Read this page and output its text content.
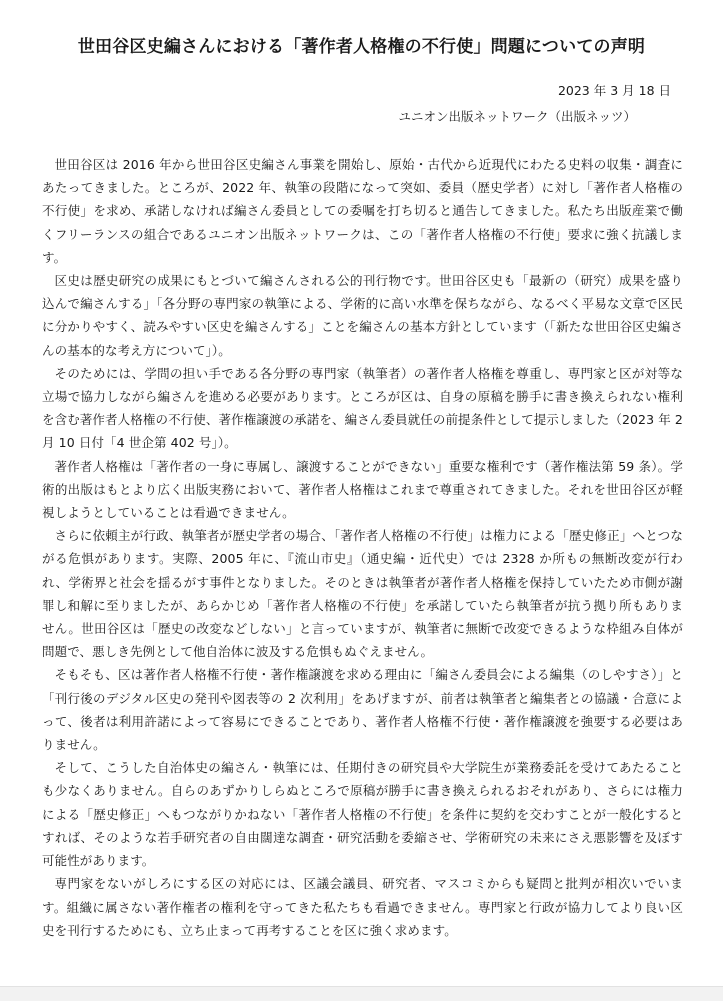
世田谷区史編さんにおける「著作者人格権の不行使」問題についての声明
2023 年 3 月 18 日
ユニオン出版ネットワーク（出版ネッツ）

世田谷区は 2016 年から世田谷区史編さん事業を開始し、原始・古代から近現代にわたる史料の収集・調査にあたってきました。ところが、2022 年、執筆の段階になって突如、委員（歴史学者）に対し「著作者人格権の不行使」を求め、承諾しなければ編さん委員としての委嘱を打ち切ると通告してきました。私たち出版産業で働くフリーランスの組合であるユニオン出版ネットワークは、この「著作者人格権の不行使」要求に強く抗議します。

区史は歴史研究の成果にもとづいて編さんされる公的刊行物です。世田谷区史も「最新の（研究）成果を盛り込んで編さんする」「各分野の専門家の執筆による、学術的に高い水準を保ちながら、なるべく平易な文章で区民に分かりやすく、読みやすい区史を編さんする」ことを編さんの基本方針としています（「新たな世田谷区史編さんの基本的な考え方について」）。

そのためには、学問の担い手である各分野の専門家（執筆者）の著作者人格権を尊重し、専門家と区が対等な立場で協力しながら編さんを進める必要があります。ところが区は、自身の原稿を勝手に書き換えられない権利を含む著作者人格権の不行使、著作権譲渡の承諾を、編さん委員就任の前提条件として提示しました（2023 年 2 月 10 日付「4 世企第 402 号」）。

著作者人格権は「著作者の一身に専属し、譲渡することができない」重要な権利です（著作権法第 59 条）。学術的出版はもとより広く出版実務において、著作者人格権はこれまで尊重されてきました。それを世田谷区が軽視しようとしていることは看過できません。

さらに依頼主が行政、執筆者が歴史学者の場合、「著作者人格権の不行使」は権力による「歴史修正」へとつながる危惧があります。実際、2005 年に、『流山市史』（通史編・近代史）では 2328 か所もの無断改変が行われ、学術界と社会を揺るがす事件となりました。そのときは執筆者が著作者人格権を保持していたため市側が謝罪し和解に至りましたが、あらかじめ「著作者人格権の不行使」を承諾していたら執筆者が抗う拠り所もありません。世田谷区は「歴史の改変などしない」と言っていますが、執筆者に無断で改変できるような枠組み自体が問題で、悪しき先例として他自治体に波及する危惧もぬぐえません。

そもそも、区は著作者人格権不行使・著作権譲渡を求める理由に「編さん委員会による編集（のしやすさ）」と「刊行後のデジタル区史の発刊や図表等の 2 次利用」をあげますが、前者は執筆者と編集者との協議・合意によって、後者は利用許諾によって容易にできることであり、著作者人格権不行使・著作権譲渡を強要する必要はありません。

そして、こうした自治体史の編さん・執筆には、任期付きの研究員や大学院生が業務委託を受けてあたることも少なくありません。自らのあずかりしらぬところで原稿が勝手に書き換えられるおそれがあり、さらには権力による「歴史修正」へもつながりかねない「著作者人格権の不行使」を条件に契約を交わすことが一般化するとすれば、そのような若手研究者の自由闊達な調査・研究活動を委縮させ、学術研究の未来にさえ悪影響を及ぼす可能性があります。

専門家をないがしろにする区の対応には、区議会議員、研究者、マスコミからも疑問と批判が相次いでいます。組織に属さない著作権者の権利を守ってきた私たちも看過できません。専門家と行政が協力してより良い区史を刊行するためにも、立ち止まって再考することを区に強く求めます。
